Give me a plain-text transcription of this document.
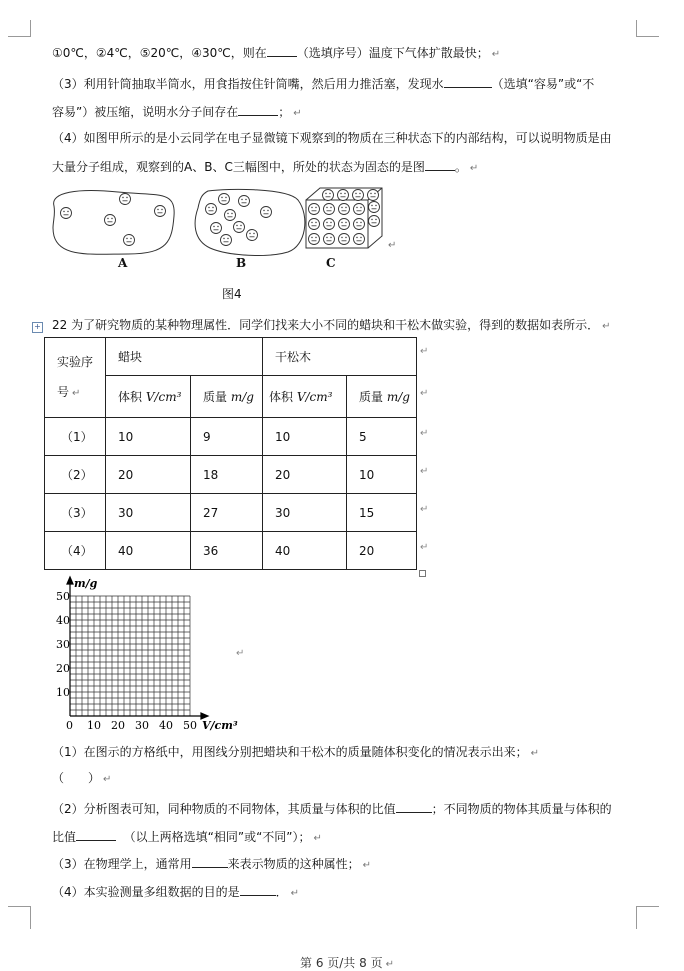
①0℃，②4℃，⑤20℃，④30℃，则在	（选填序号）温度下气体扩散最快； ↵
（3）利用针筒抽取半筒水，用食指按住针筒嘴，然后用力推活塞，发现水	（选填“容易”或“不
容易”）被压缩，说明水分子间存在	； ↵
（4）如图甲所示的是小云同学在电子显微镜下观察到的物质在三种状态下的内部结构，可以说明物质是由
大量分子组成，观察到的A、B、C三幅图中，所处的状态为固态的是图	。 ↵
↵
A	B	C
图4
+ 22 为了研究物质的某种物理属性．同学们找来大小不同的蜡块和干松木做实验，得到的数据如表所示． ↵
实验序
号 ↵	蜡块		干松木	
	体积 V/cm³	质量 m/g	体积 V/cm³	质量 m/g
（1）	10	9	10	5
（2）	20	18	20	10
（3）	30	27	30	15
（4）	40	36	40	20
↵
↵
↵
↵
↵
↵
m/g
50
40
30
20
10
0 10 20 30 40 50 V/cm³
↵
（1）在图示的方格纸中，用图线分别把蜡块和干松木的质量随体积变化的情况表示出来； ↵
（　　） ↵
（2）分析图表可知，同种物质的不同物体，其质量与体积的比值	；不同物质的物体其质量与体积的
比值	（以上两格选填“相同”或“不同”）； ↵
（3）在物理学上，通常用	来表示物质的这种属性； ↵
（4）本实验测量多组数据的目的是	． ↵
第 6 页/共 8 页 ↵
